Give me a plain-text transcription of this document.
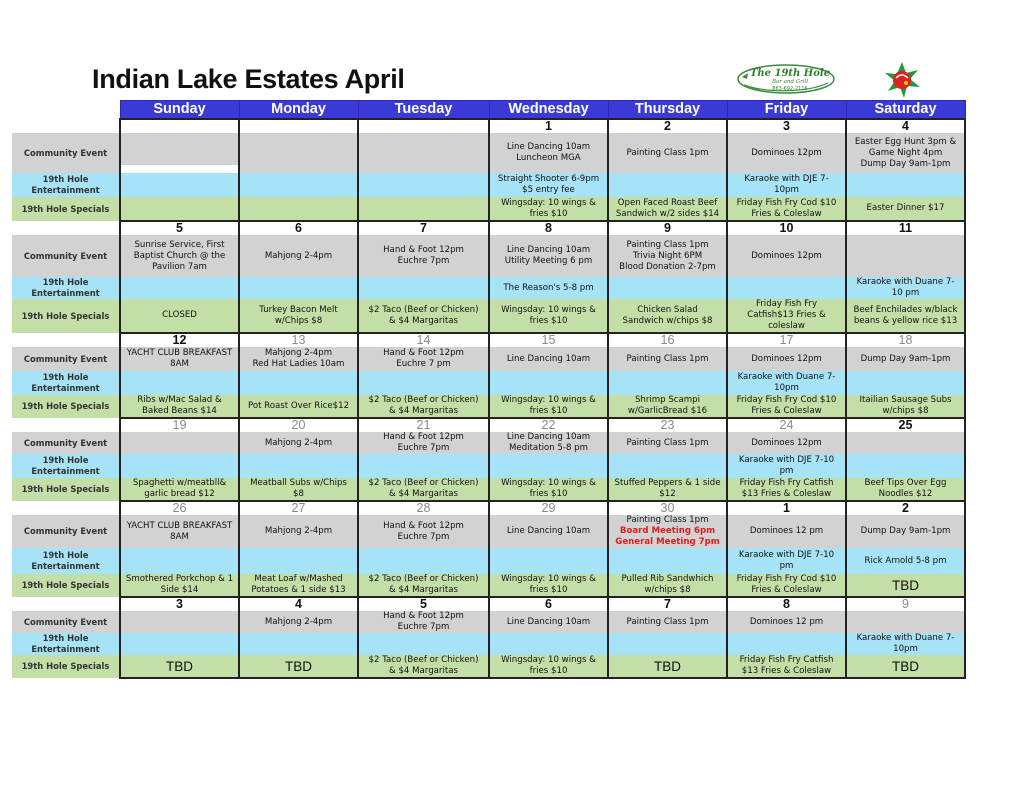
Indian Lake Estates April	The 19th Hole
Bar and Grill
863-692-2116
	Sunday	Monday	Tuesday	Wednesday	Thursday	Friday	Saturday
				1	2	3	4
Community Event				Line Dancing 10am
Luncheon MGA	Painting Class 1pm	Dominoes 12pm	Easter Egg Hunt 3pm &
Game Night 4pm
Dump Day 9am-1pm

19th Hole Entertainment				Straight Shooter 6-9pm
$5 entry fee		Karaoke with DJE 7-
10pm	

19th Hole Specials				Wingsday: 10 wings &
fries $10	Open Faced Roast Beef
Sandwich w/2 sides $14	Friday Fish Fry Cod $10
Fries & Coleslaw	Easter Dinner $17

	5	6	7	8	9	10	11
Community Event	Sunrise Service, First
Baptist Church @ the
Pavilion 7am	Mahjong 2-4pm	Hand & Foot 12pm
Euchre 7pm	Line Dancing 10am
Utility Meeting 6 pm	Painting Class 1pm
Trivia Night 6PM
Blood Donation 2-7pm	Dominoes 12pm	

19th Hole Entertainment				The Reason's 5-8 pm			Karaoke with Duane 7-
10 pm

19th Hole Specials	CLOSED	Turkey Bacon Melt
w/Chips $8	$2 Taco (Beef or Chicken)
& $4 Margaritas	Wingsday: 10 wings &
fries $10	Chicken Salad
Sandwich w/chips $8	Friday Fish Fry
Catfish$13 Fries &
coleslaw	Beef Enchilades w/black
beans & yellow rice $13

	12	13	14	15	16	17	18
Community Event	YACHT CLUB BREAKFAST
8AM	Mahjong 2-4pm
Red Hat Ladies 10am	Hand & Foot 12pm
Euchre 7 pm	Line Dancing 10am	Painting Class 1pm	Dominoes 12pm	Dump Day 9am-1pm

19th Hole Entertainment						Karaoke with Duane 7-
10pm	

19th Hole Specials	Ribs w/Mac Salad &
Baked Beans $14	Pot Roast Over Rice$12	$2 Taco (Beef or Chicken)
& $4 Margaritas	Wingsday: 10 wings &
fries $10	Shrimp Scampi
w/GarlicBread $16	Friday Fish Fry Cod $10
Fries & Coleslaw	Itailian Sausage Subs
w/chips $8

	19	20	21	22	23	24	25
Community Event		Mahjong 2-4pm	Hand & Foot 12pm
Euchre 7pm	Line Dancing 10am
Meditation 5-8 pm	Painting Class 1pm	Dominoes 12pm	

19th Hole Entertainment						Karaoke with DJE 7-10
pm	

19th Hole Specials	Spaghetti w/meatbll&
garlic bread $12	Meatball Subs w/Chips
$8	$2 Taco (Beef or Chicken)
& $4 Margaritas	Wingsday: 10 wings &
fries $10	Stuffed Peppers & 1 side
$12	Friday Fish Fry Catfish
$13 Fries & Coleslaw	Beef Tips Over Egg
Noodles $12

	26	27	28	29	30	1	2
Community Event	YACHT CLUB BREAKFAST
8AM	Mahjong 2-4pm	Hand & Foot 12pm
Euchre 7pm	Line Dancing 10am	Painting Class 1pm
Board Meeting 6pm
General Meeting 7pm	Dominoes 12 pm	Dump Day 9am-1pm

19th Hole Entertainment						Karaoke with DJE 7-10
pm	Rick Arnold 5-8 pm

19th Hole Specials	Smothered Porkchop & 1
Side $14	Meat Loaf w/Mashed
Potatoes & 1 side $13	$2 Taco (Beef or Chicken)
& $4 Margaritas	Wingsday: 10 wings &
fries $10	Pulled Rib Sandwhich
w/chips $8	Friday Fish Fry Cod $10
Fries & Coleslaw	TBD

	3	4	5	6	7	8	9
Community Event		Mahjong 2-4pm	Hand & Foot 12pm
Euchre 7pm	Line Dancing 10am	Painting Class 1pm	Dominoes 12 pm	

19th Hole Entertainment							Karaoke with Duane 7-
10pm

19th Hole Specials	TBD	TBD	$2 Taco (Beef or Chicken)
& $4 Margaritas	Wingsday: 10 wings &
fries $10	TBD	Friday Fish Fry Catfish
$13 Fries & Coleslaw	TBD
